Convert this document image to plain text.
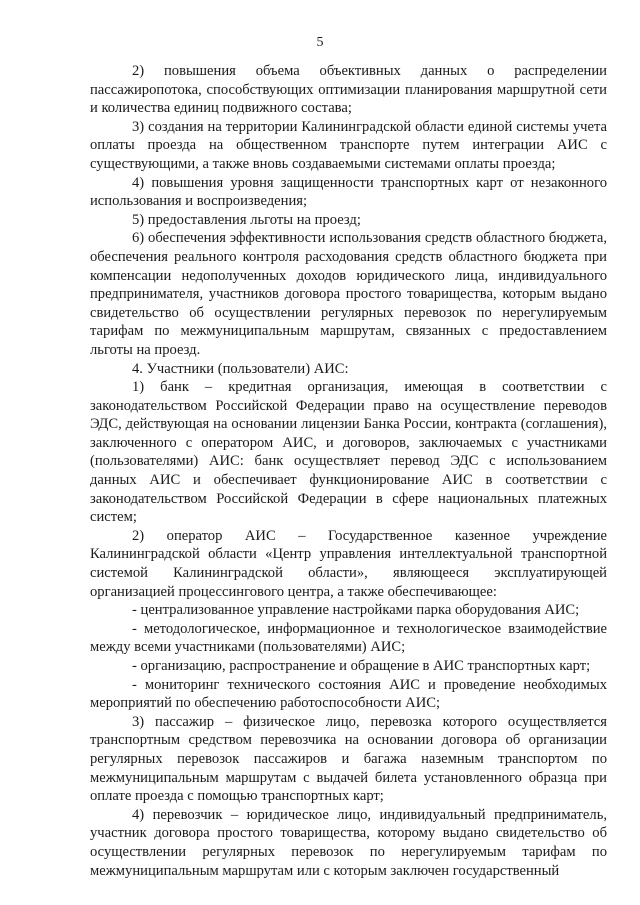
5

2) повышения объема объективных данных о распределении пассажиропотока, способствующих оптимизации планирования маршрутной сети и количества единиц подвижного состава;

3) создания на территории Калининградской области единой системы учета оплаты проезда на общественном транспорте путем интеграции АИС с существующими, а также вновь создаваемыми системами оплаты проезда;

4) повышения уровня защищенности транспортных карт от незаконного использования и воспроизведения;

5) предоставления льготы на проезд;

6) обеспечения эффективности использования средств областного бюджета, обеспечения реального контроля расходования средств областного бюджета при компенсации недополученных доходов юридического лица, индивидуального предпринимателя, участников договора простого товарищества, которым выдано свидетельство об осуществлении регулярных перевозок по нерегулируемым тарифам по межмуниципальным маршрутам, связанных с предоставлением льготы на проезд.

4. Участники (пользователи) АИС:

1) банк – кредитная организация, имеющая в соответствии с законодательством Российской Федерации право на осуществление переводов ЭДС, действующая на основании лицензии Банка России, контракта (соглашения), заключенного с оператором АИС, и договоров, заключаемых с участниками (пользователями) АИС: банк осуществляет перевод ЭДС с использованием данных АИС и обеспечивает функционирование АИС в соответствии с законодательством Российской Федерации в сфере национальных платежных систем;

2) оператор АИС – Государственное казенное учреждение Калининградской области «Центр управления интеллектуальной транспортной системой Калининградской области», являющееся эксплуатирующей организацией процессингового центра, а также обеспечивающее:

- централизованное управление настройками парка оборудования АИС;

- методологическое, информационное и технологическое взаимодействие между всеми участниками (пользователями) АИС;

- организацию, распространение и обращение в АИС транспортных карт;

- мониторинг технического состояния АИС и проведение необходимых мероприятий по обеспечению работоспособности АИС;

3) пассажир – физическое лицо, перевозка которого осуществляется транспортным средством перевозчика на основании договора об организации регулярных перевозок пассажиров и багажа наземным транспортом по межмуниципальным маршрутам с выдачей билета установленного образца при оплате проезда с помощью транспортных карт;

4) перевозчик – юридическое лицо, индивидуальный предприниматель, участник договора простого товарищества, которому выдано свидетельство об осуществлении регулярных перевозок по нерегулируемым тарифам по межмуниципальным маршрутам или с которым заключен государственный
